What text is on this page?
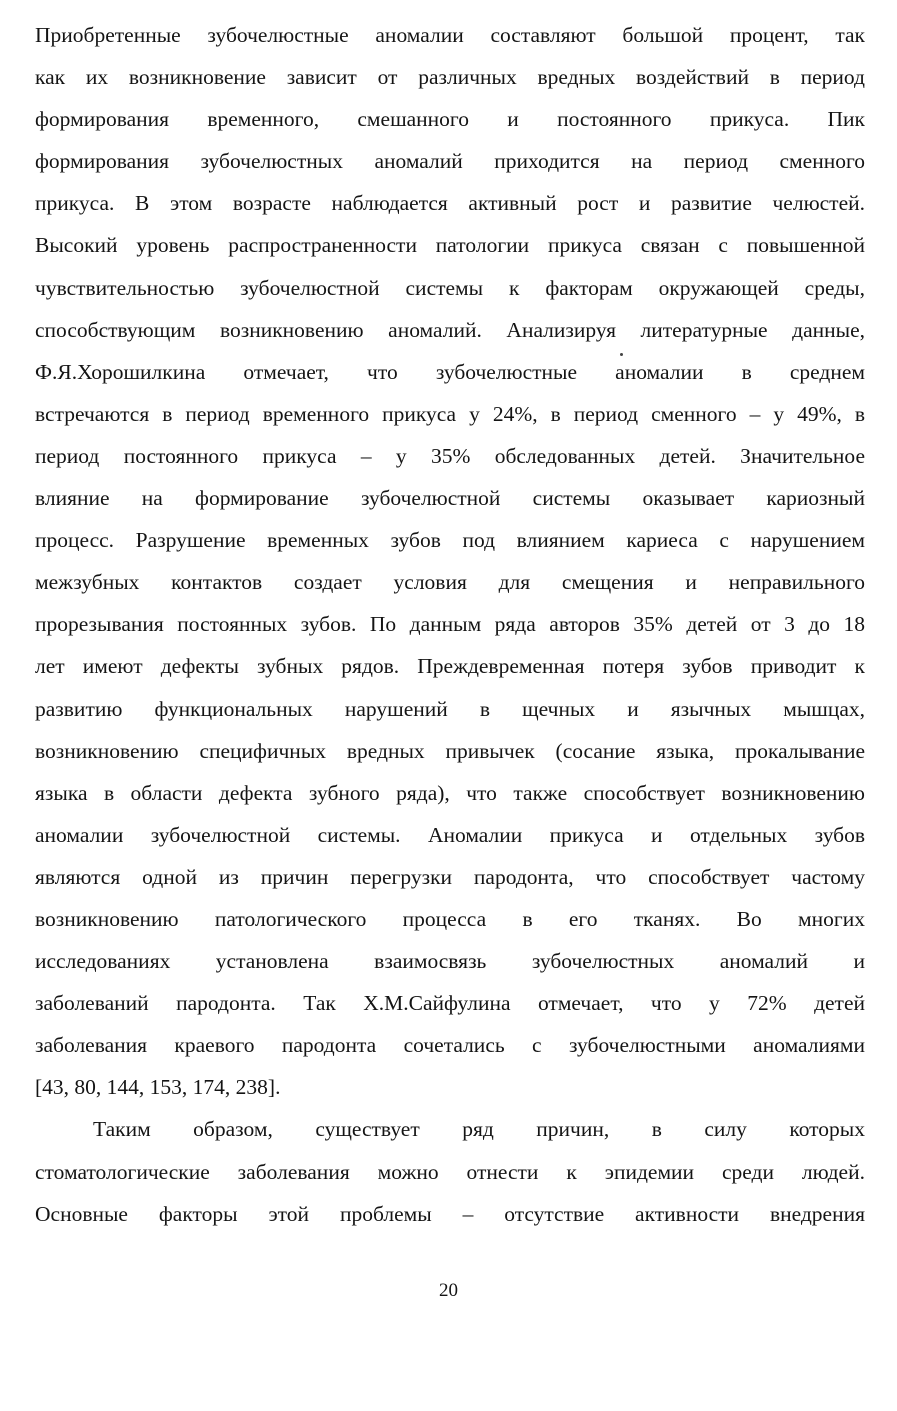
Приобретенные зубочелюстные аномалии составляют большой процент, так
как их возникновение зависит от различных вредных воздействий в период
формирования временного, смешанного и постоянного прикуса. Пик
формирования зубочелюстных аномалий приходится на период сменного
прикуса. В этом возрасте наблюдается активный рост и развитие челюстей.
Высокий уровень распространенности патологии прикуса связан с повышенной
чувствительностью зубочелюстной системы к факторам окружающей среды,
способствующим возникновению аномалий. Анализируя литературные данные,
Ф.Я.Хорошилкина отмечает, что зубочелюстные аномалии в среднем
встречаются в период временного прикуса у 24%, в период сменного – у 49%, в
период постоянного прикуса – у 35% обследованных детей. Значительное
влияние на формирование зубочелюстной системы оказывает кариозный
процесс. Разрушение временных зубов под влиянием кариеса с нарушением
межзубных контактов создает условия для смещения и неправильного
прорезывания постоянных зубов. По данным ряда авторов 35% детей от 3 до 18
лет имеют дефекты зубных рядов. Преждевременная потеря зубов приводит к
развитию функциональных нарушений в щечных и язычных мышцах,
возникновению специфичных вредных привычек (сосание языка, прокалывание
языка в области дефекта зубного ряда), что также способствует возникновению
аномалии зубочелюстной системы. Аномалии прикуса и отдельных зубов
являются одной из причин перегрузки пародонта, что способствует частому
возникновению патологического процесса в его тканях. Во многих
исследованиях установлена взаимосвязь зубочелюстных аномалий и
заболеваний пародонта. Так Х.М.Сайфулина отмечает, что у 72% детей
заболевания краевого пародонта сочетались с зубочелюстными аномалиями
[43, 80, 144, 153, 174, 238].
Таким образом, существует ряд причин, в силу которых
стоматологические заболевания можно отнести к эпидемии среди людей.
Основные факторы этой проблемы – отсутствие активности внедрения
20
